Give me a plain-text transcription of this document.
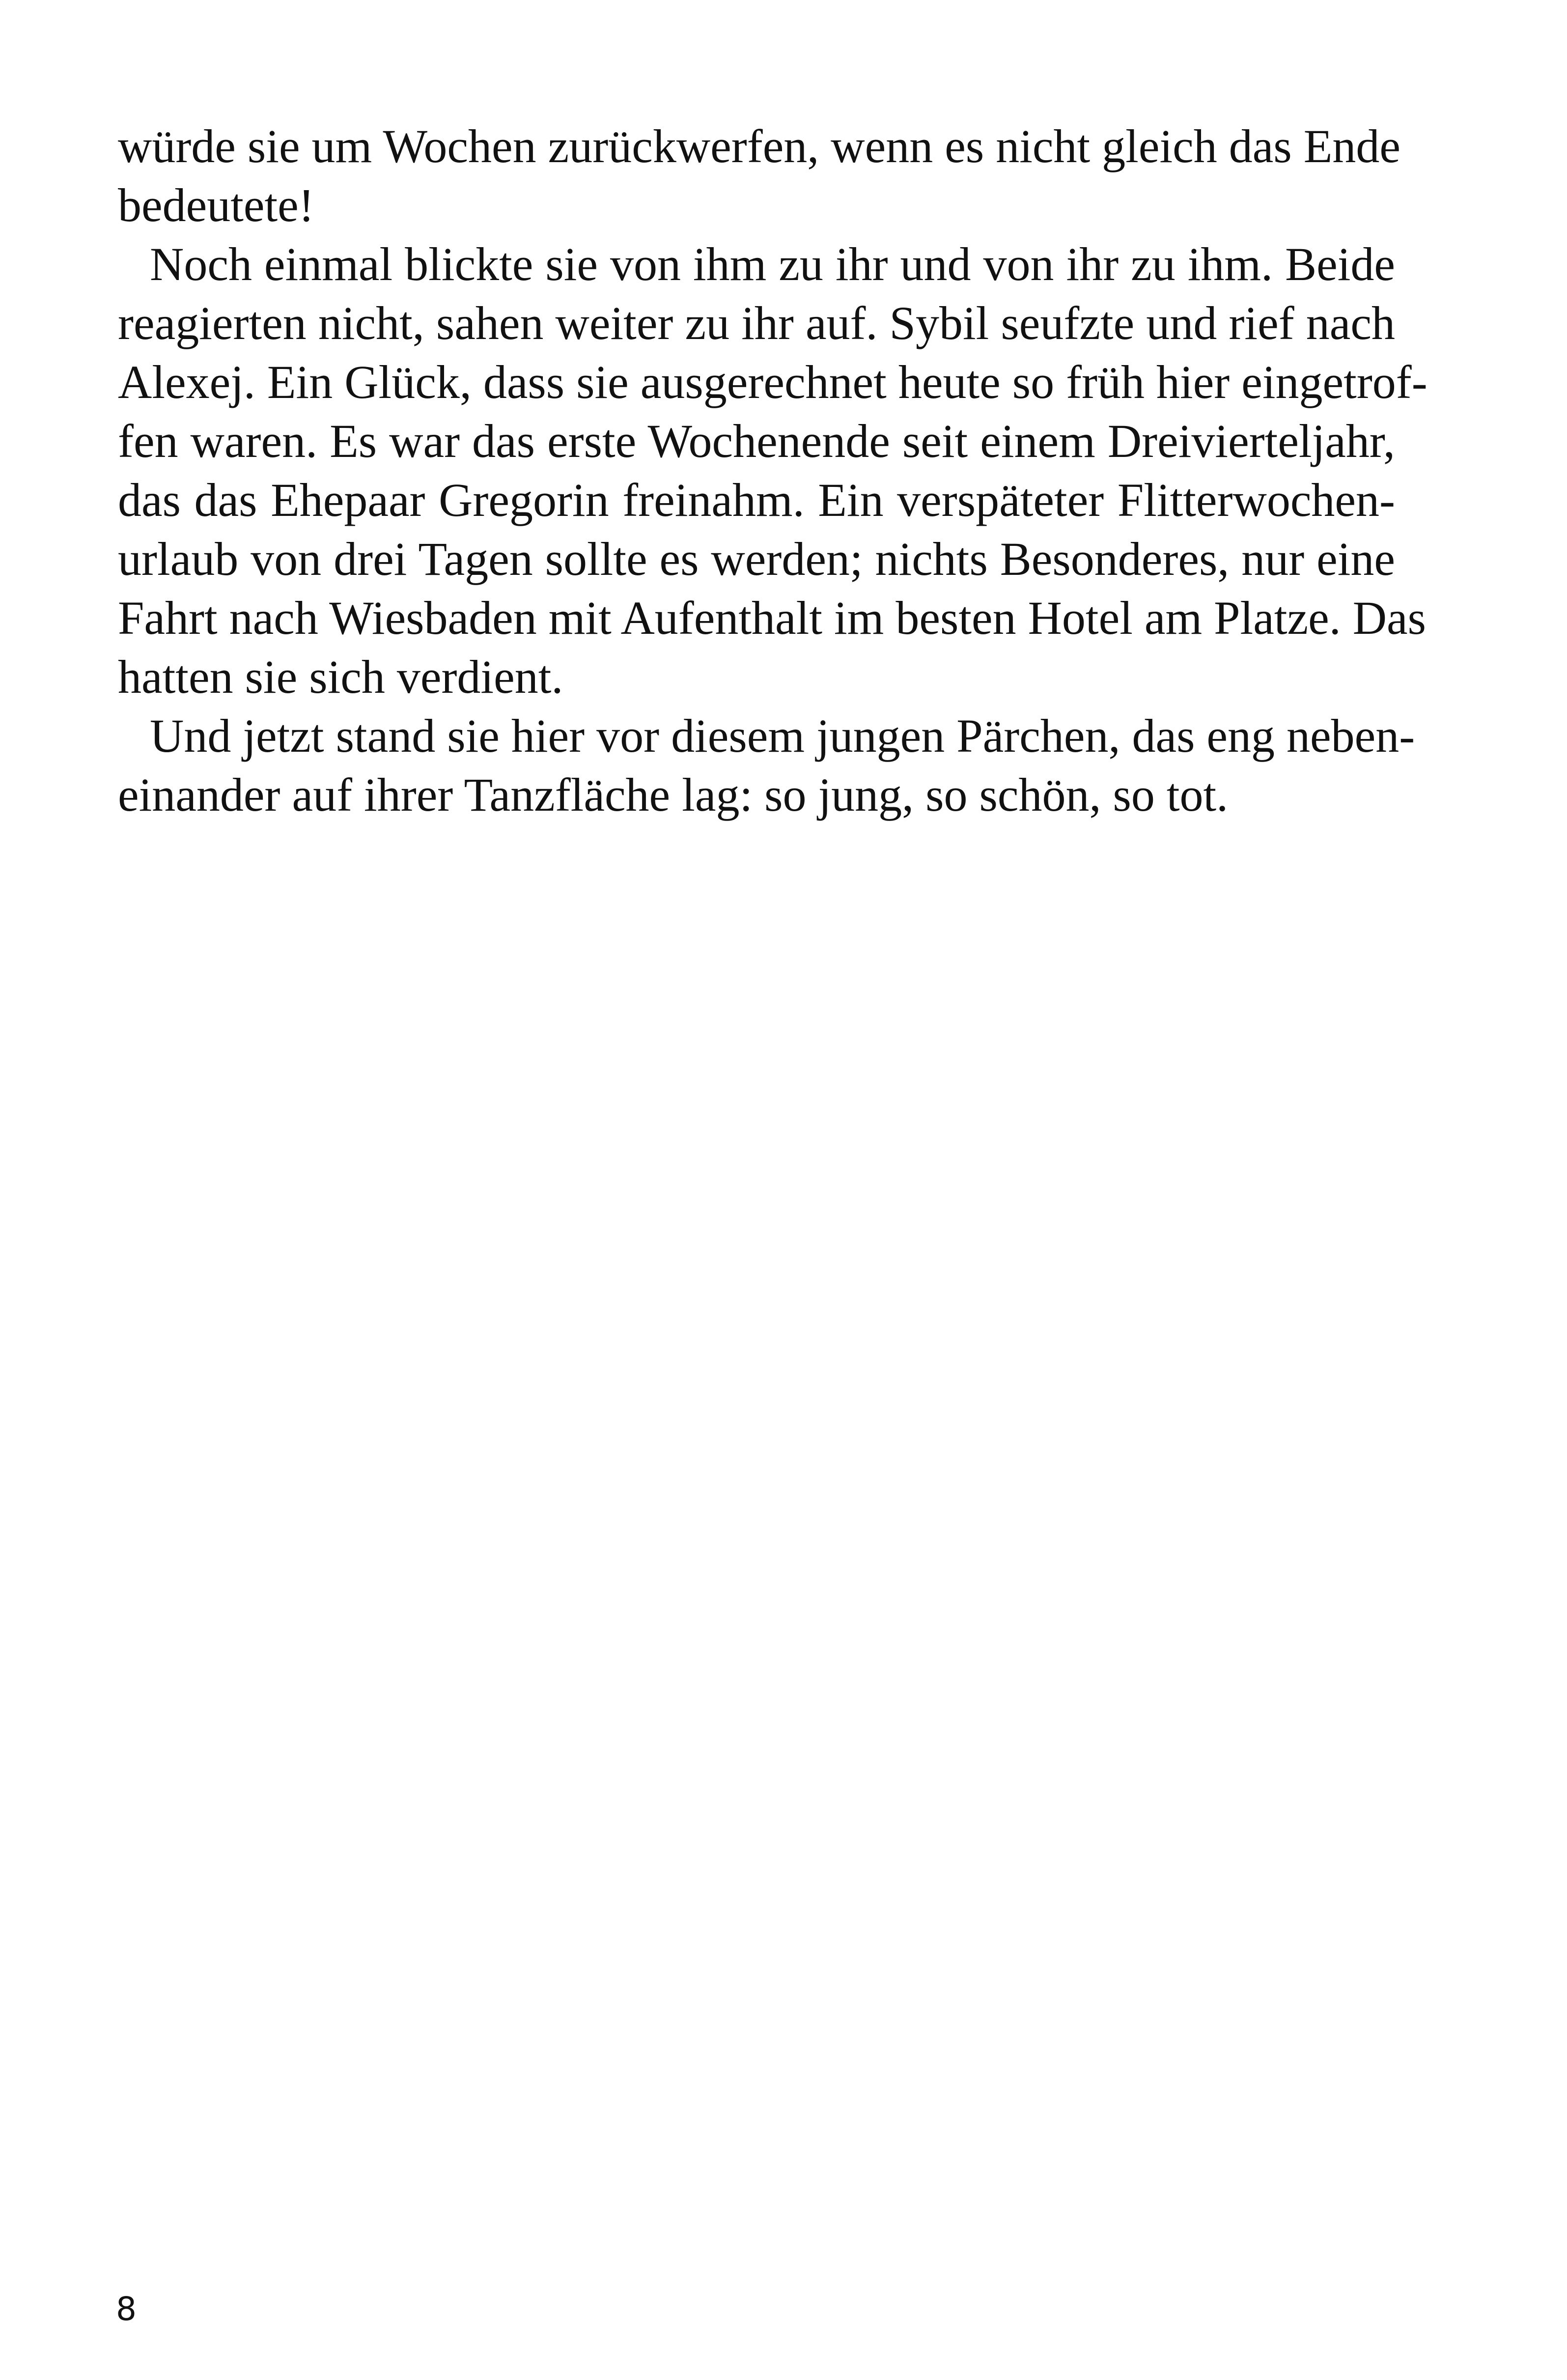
würde sie um Wochen zurückwerfen, wenn es nicht gleich das Ende
bedeutete!
Noch einmal blickte sie von ihm zu ihr und von ihr zu ihm. Beide
reagierten nicht, sahen weiter zu ihr auf. Sybil seufzte und rief nach
Alexej. Ein Glück, dass sie ausgerechnet heute so früh hier eingetrof-
fen waren. Es war das erste Wochenende seit einem Dreivierteljahr,
das das Ehepaar Gregorin freinahm. Ein verspäteter Flitterwochen-
urlaub von drei Tagen sollte es werden; nichts Besonderes, nur eine
Fahrt nach Wiesbaden mit Aufenthalt im besten Hotel am Platze. Das
hatten sie sich verdient.
Und jetzt stand sie hier vor diesem jungen Pärchen, das eng neben-
einander auf ihrer Tanzfläche lag: so jung, so schön, so tot.
8
